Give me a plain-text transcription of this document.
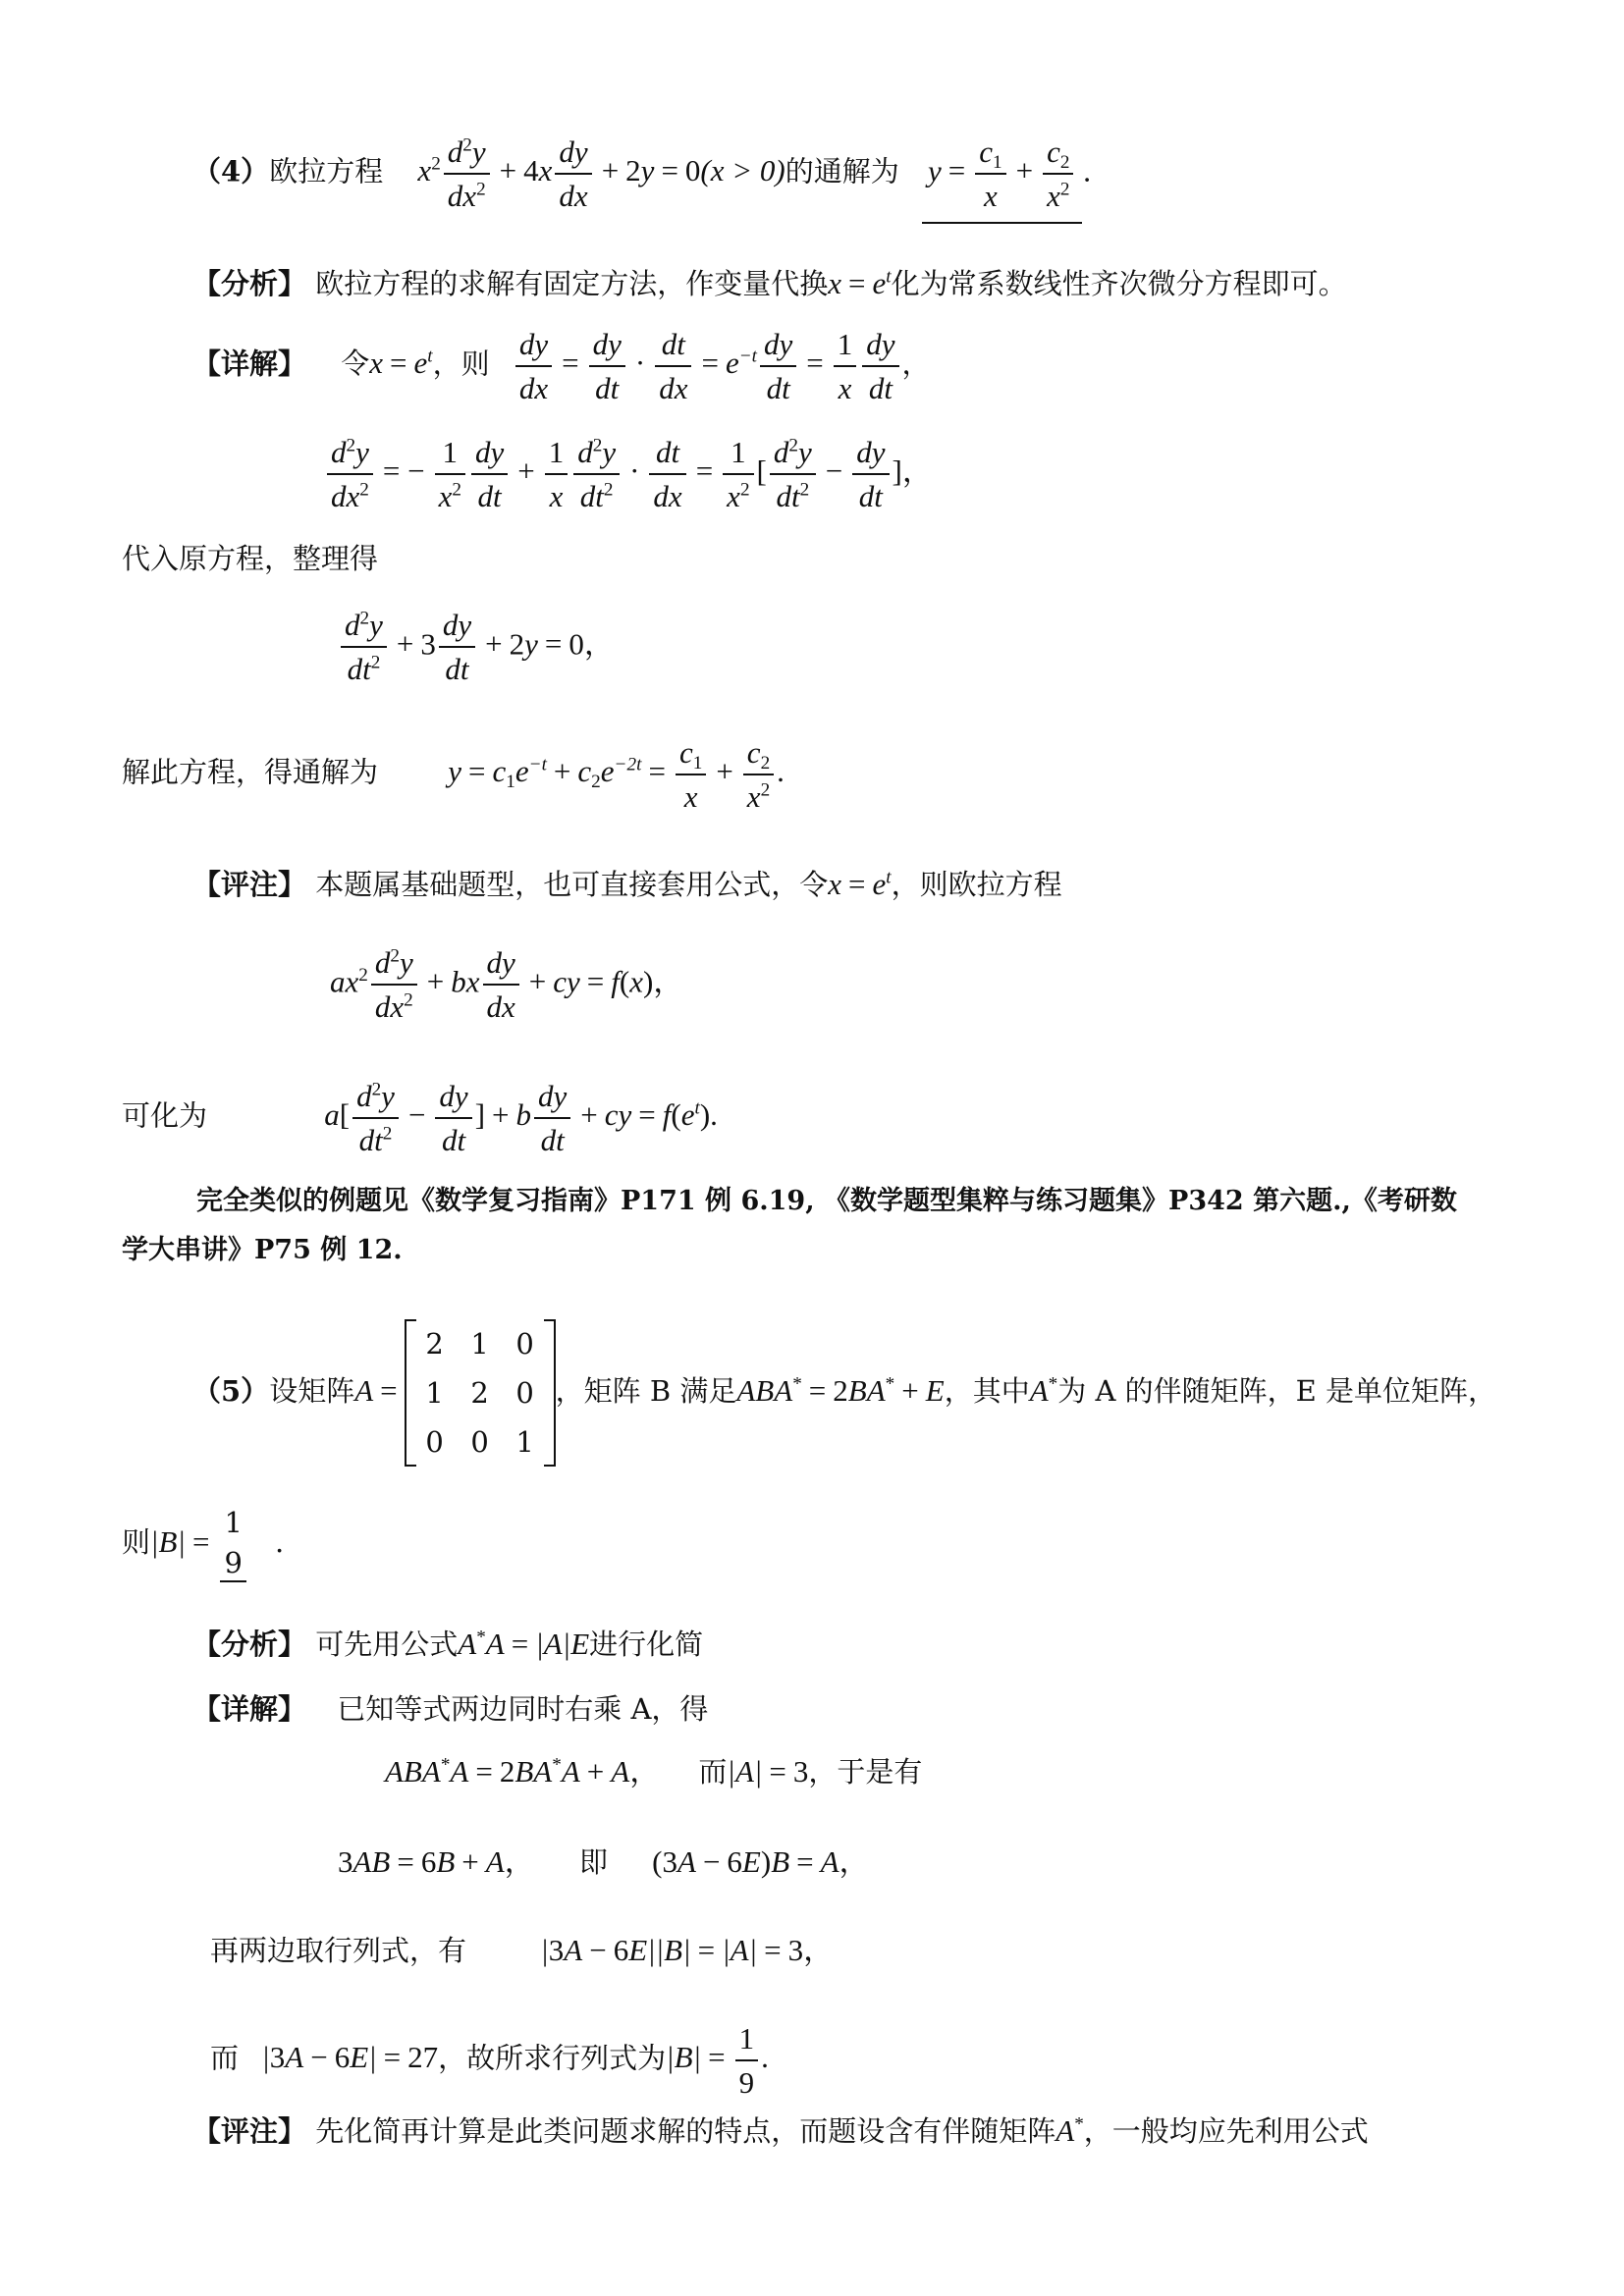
（4）欧拉方程 $x^2 \frac{d^2y}{dx^2} + 4x \frac{dy}{dx} + 2y = 0(x > 0)$的通解为 $y = \frac{c_1}{x} + \frac{c_2}{x^2}$ .
【分析】 欧拉方程的求解有固定方法，作变量代换$x = e^t$化为常系数线性齐次微分方程即可。
【详解】 令$x = e^t$，则 $\frac{dy}{dx} = \frac{dy}{dt} \cdot \frac{dt}{dx} = e^{-t} \frac{dy}{dt} = \frac{1}{x} \frac{dy}{dt}$ ，
$\frac{d^2y}{dx^2}$ = − $\frac{1}{x^2} \frac{dy}{dt} + \frac{1}{x} \frac{d^2y}{dt^2} \cdot \frac{dt}{dx} = \frac{1}{x^2}$ [ $\frac{d^2y}{dt^2} - \frac{dy}{dt}$ ]，
代入原方程，整理得
$\frac{d^2y}{dt^2} + 3 \frac{dy}{dt} + 2y = 0$，
解此方程，得通解为 $y = c_1e^{-t} + c_2e^{-2t} = \frac{c_1}{x} + \frac{c_2}{x^2}$ .
【评注】 本题属基础题型，也可直接套用公式，令$x = e^t$，则欧拉方程
$ax^2 \frac{d^2y}{dx^2}$ + bx $\frac{dy}{dx}$ + cy = f(x)，
可化为	$a[ \frac{d^2y}{dt^2} - \frac{dy}{dt}$ ] + b $\frac{dy}{dt}$ + cy = $f(e^t)$.
完全类似的例题见《数学复习指南》P171 例 6.19, 《数学题型集粹与练习题集》P342 第六题.,《考研数
学大串讲》P75 例 12.
（5）设矩阵A =
2 1 0
1 2 0
0 0 1
，矩阵 B 满足ABA* = 2BA* + E，其中A*为 A 的伴随矩阵，E 是单位矩阵，
则|B| =
1
9
.
【分析】 可先用公式A*A = |A|E进行化简
【详解】 已知等式两边同时右乘 A，得
ABA*A = 2BA*A + A， 而|A| = 3，于是有
3AB = 6B + A， 即 (3A − 6E)B = A，
再两边取行列式，有 |3A − 6E||B| = |A| = 3，
而 |3A − 6E| = 27，故所求行列式为$|B| = \frac{1}{9}$ .
【评注】 先化简再计算是此类问题求解的特点，而题设含有伴随矩阵A*，一般均应先利用公式
